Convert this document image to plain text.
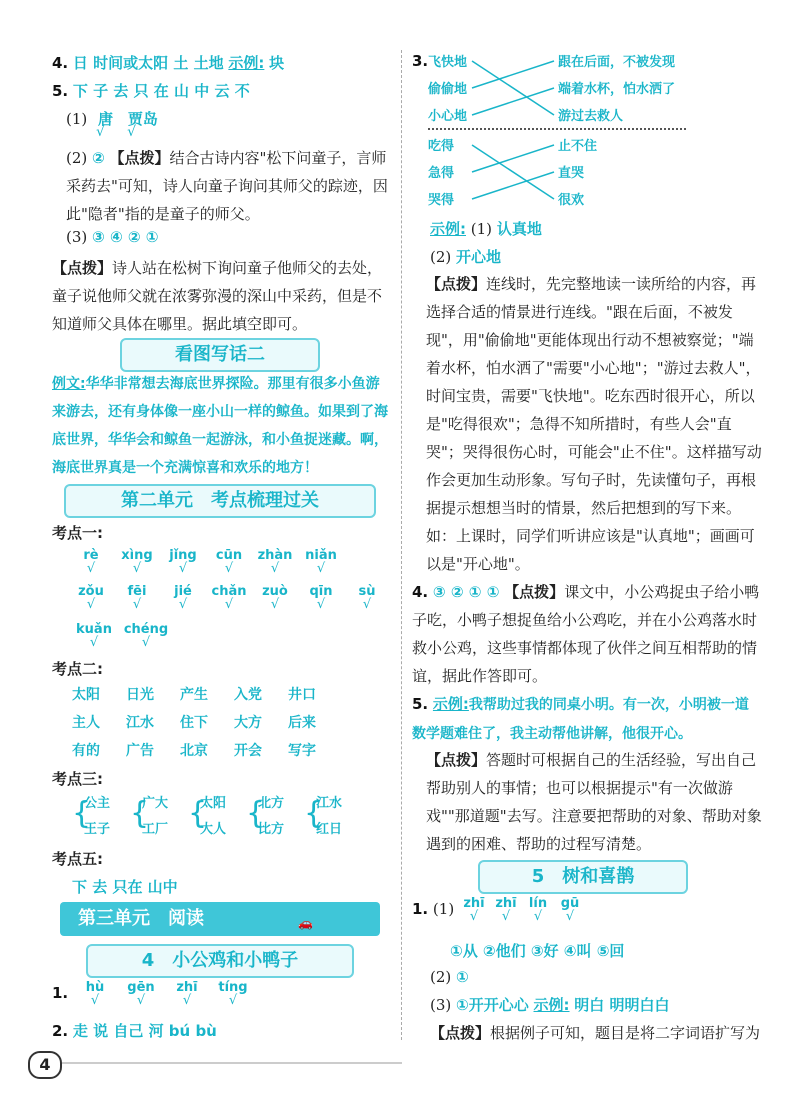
4. 日 时间或太阳 土 土地 示例: 块
5. 下 子 去 只 在 山 中 云 不
(1) 唐 贾岛
√     √
(2) ② 【点拨】结合古诗内容"松下问童子，言师采药去"可知，诗人向童子询问其师父的踪迹，因此"隐者"指的是童子的师父。
(3) ③ ④ ② ①
【点拨】诗人站在松树下询问童子他师父的去处，童子说他师父就在浓雾弥漫的深山中采药，但是不知道师父具体在哪里。据此填空即可。
看图写话二
例文:华华非常想去海底世界探险。那里有很多小鱼游来游去，还有身体像一座小山一样的鲸鱼。如果到了海底世界，华华会和鲸鱼一起游泳，和小鱼捉迷藏。啊，海底世界真是一个充满惊喜和欢乐的地方！
第二单元　考点梳理过关
考点一:
rè
√
xìng
√
jǐng
√
cūn
√
zhàn
√
niǎn
√
zǒu
√
fēi
√
jié
√
chǎn
√
zuò
√
qīn
√
sù
√
kuǎn
√
chéng
√
考点二:
太阳 日光 产生 入党 井口
主人 江水 住下 大方 后来
有的 广告 北京 开会 写字
考点三:
{
公主
王子 {
广大
工厂 {
太阳
大人 {
北方
比方 {
江水
红日
考点五:
下 去 只在 山中
第三单元　阅读	🚗
4　小公鸡和小鸭子
1.	hù
√
gēn
√
zhī
√
tíng
√
2. 走 说 自己 河 bú bù
4
3. 飞快地
偷偷地
小心地
跟在后面，不被发现
端着水杯，怕水洒了
游过去救人
吃得
急得
哭得
止不住
直哭
很欢
示例: (1) 认真地
(2) 开心地
【点拨】连线时，先完整地读一读所给的内容，再选择合适的情景进行连线。"跟在后面，不被发现"，用"偷偷地"更能体现出行动不想被察觉；"端着水杯，怕水洒了"需要"小心地"；"游过去救人"，时间宝贵，需要"飞快地"。吃东西时很开心，所以是"吃得很欢"；急得不知所措时，有些人会"直哭"；哭得很伤心时，可能会"止不住"。这样描写动作会更加生动形象。写句子时，先读懂句子，再根据提示想想当时的情景，然后把想到的写下来。如：上课时，同学们听讲应该是"认真地"；画画可以是"开心地"。
4. ③ ② ① ① 【点拨】课文中，小公鸡捉虫子给小鸭子吃，小鸭子想捉鱼给小公鸡吃，并在小公鸡落水时救小公鸡，这些事情都体现了伙伴之间互相帮助的情谊，据此作答即可。
5. 示例:我帮助过我的同桌小明。有一次，小明被一道数学题难住了，我主动帮他讲解，他很开心。
【点拨】答题时可根据自己的生活经验，写出自己帮助别人的事情；也可以根据提示"有一次做游戏""那道题"去写。注意要把帮助的对象、帮助对象遇到的困难、帮助的过程写清楚。
5　树和喜鹊
1. (1) zhī
√
zhī
√
lín
√
gū
√
①从 ②他们 ③好 ④叫 ⑤回
(2) ①
(3) ①开开心心 示例: 明白 明明白白
【点拨】根据例子可知，题目是将二字词语扩写为
